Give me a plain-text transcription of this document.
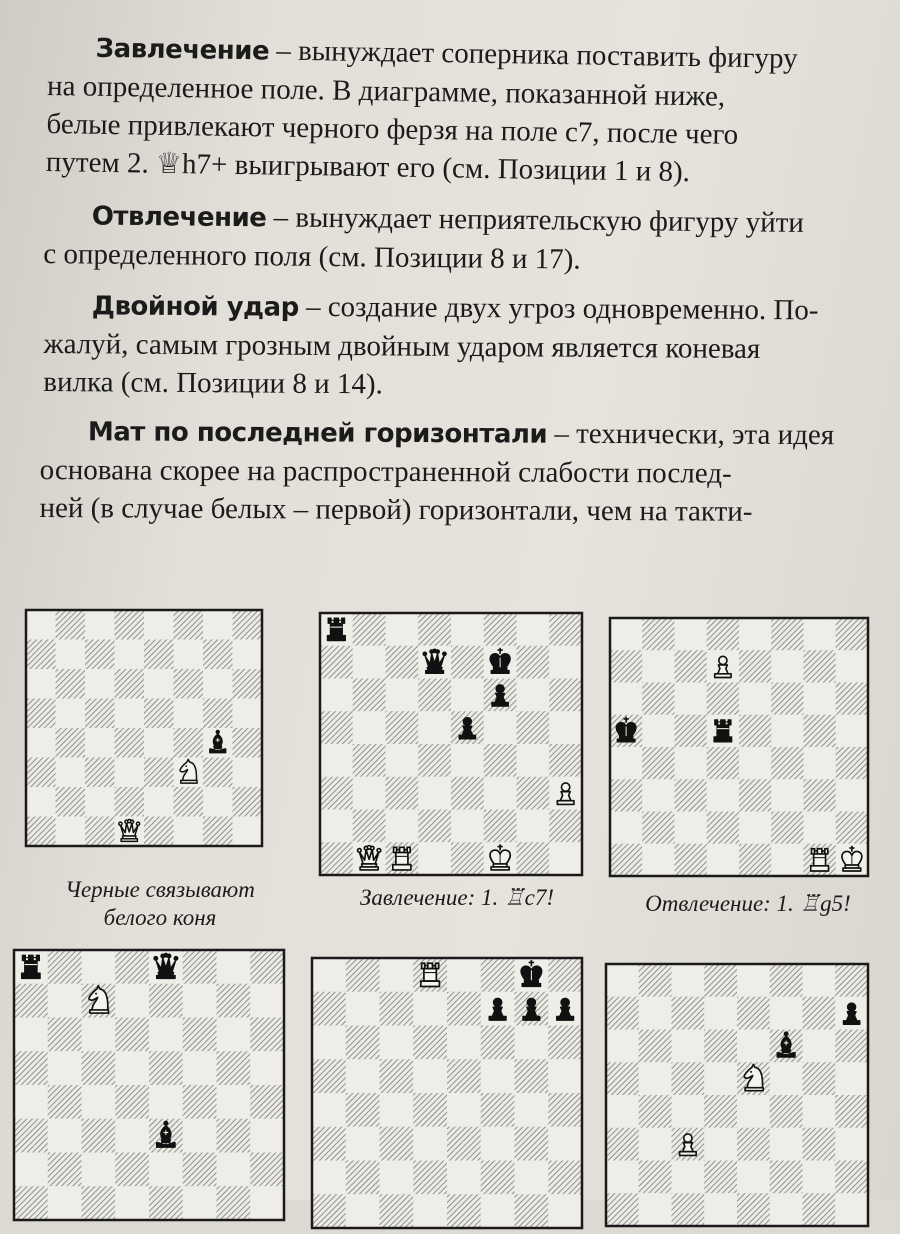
Завлечение – вынуждает соперника поставить фигуру
на определенное поле. В диаграмме, показанной ниже,
белые привлекают черного ферзя на поле с7, после чего
путем 2. ♕h7+ выигрывают его (см. Позиции 1 и 8).

Отвлечение – вынуждает неприятельскую фигуру уйти
с определенного поля (см. Позиции 8 и 17).

Двойной удар – создание двух угроз одновременно. По-
жалуй, самым грозным двойным ударом является коневая
вилка (см. Позиции 8 и 14).

Мат по последней горизонтали – технически, эта идея
основана скорее на распространенной слабости послед-
ней (в случае белых – первой) горизонтали, чем на такти-

Черные связывают белого коня
Завлечение: 1. ♖c7!	Отвлечение: 1. ♖g5!
